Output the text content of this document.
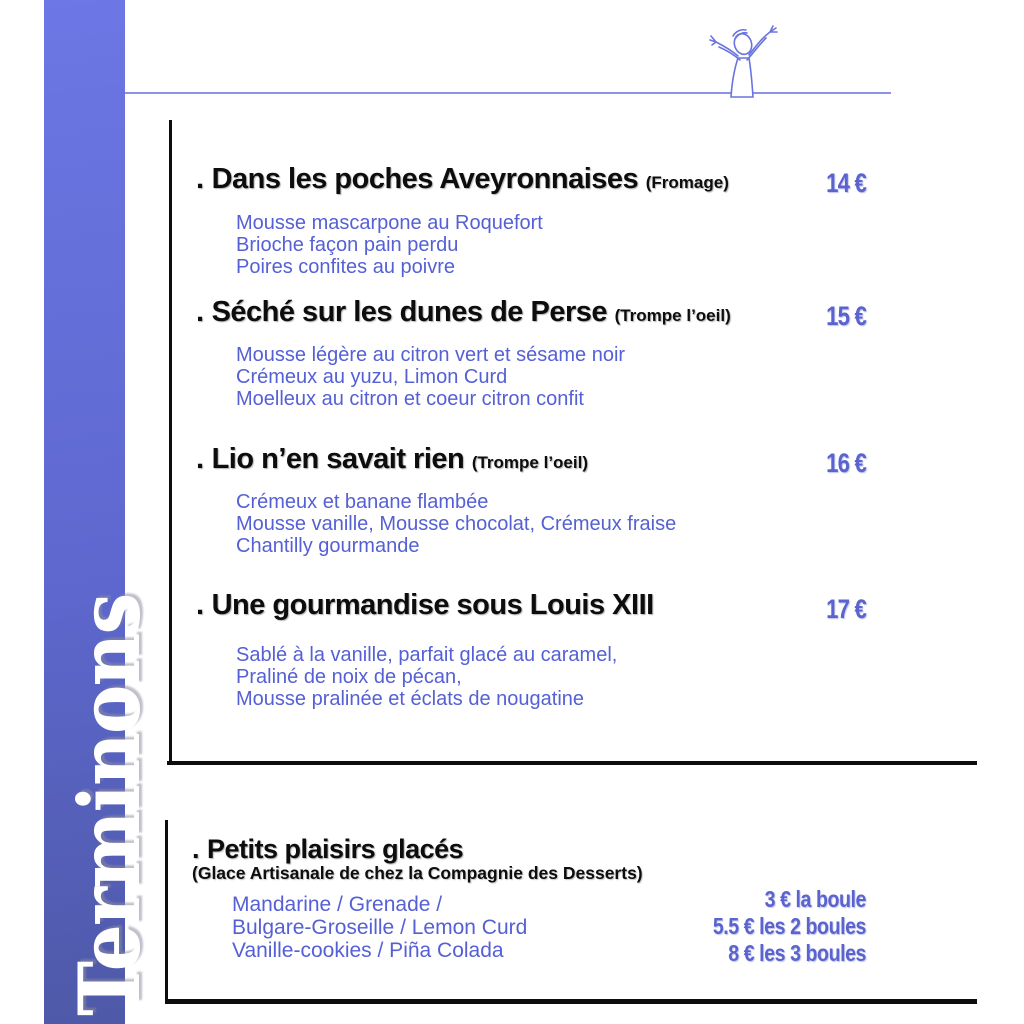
Terminons
. Dans les poches Aveyronnaises (Fromage)	14 €
Mousse mascarpone au Roquefort
Brioche façon pain perdu
Poires confites au poivre
. Séché sur les dunes de Perse (Trompe l’oeil)	15 €
Mousse légère au citron vert et sésame noir
Crémeux au yuzu, Limon Curd
Moelleux au citron et coeur citron confit
. Lio n’en savait rien (Trompe l’oeil)	16 €
Crémeux et banane flambée
Mousse vanille, Mousse chocolat, Crémeux fraise
Chantilly gourmande
. Une gourmandise sous Louis XIII	17 €
Sablé à la vanille, parfait glacé au caramel,
Praliné de noix de pécan,
Mousse pralinée et éclats de nougatine
. Petits plaisirs glacés
(Glace Artisanale de chez la Compagnie des Desserts)
Mandarine / Grenade /
Bulgare-Groseille / Lemon Curd
Vanille-cookies / Piña Colada
3 € la boule
5.5 € les 2 boules
8 € les 3 boules
